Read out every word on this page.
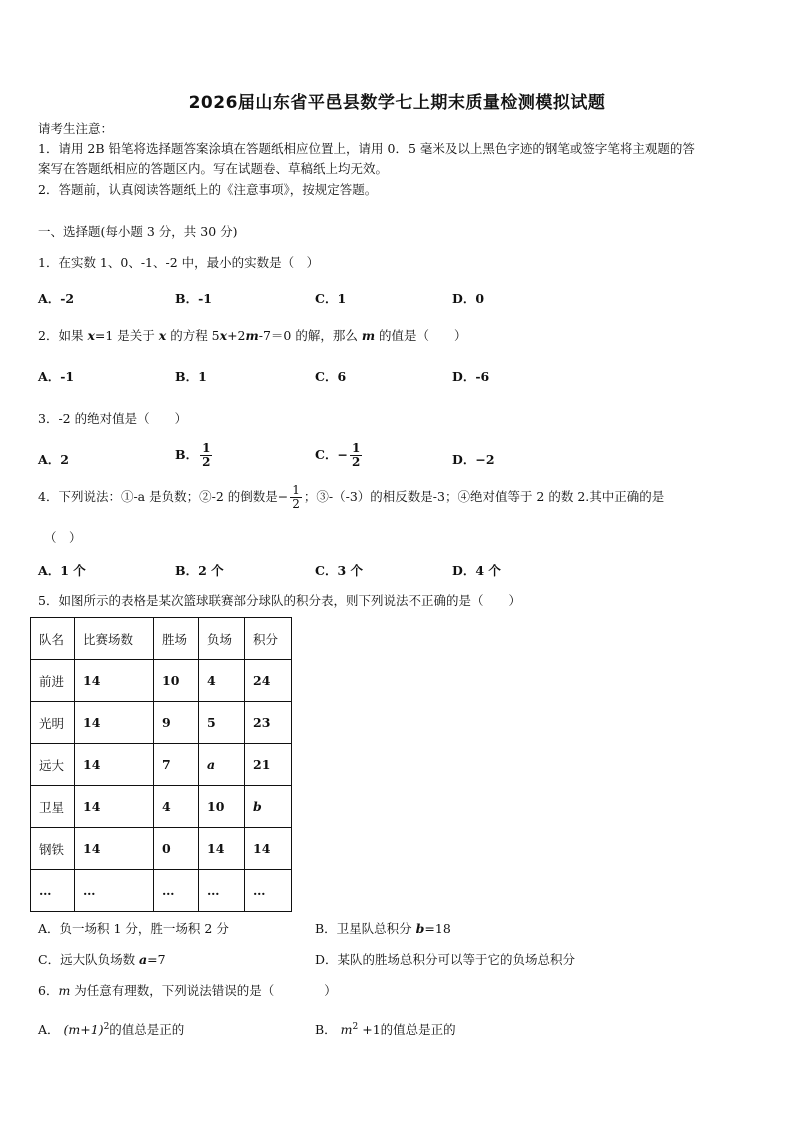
2026届山东省平邑县数学七上期末质量检测模拟试题
请考生注意：
1．请用 2B 铅笔将选择题答案涂填在答题纸相应位置上，请用 0．5 毫米及以上黑色字迹的钢笔或签字笔将主观题的答
案写在答题纸相应的答题区内。写在试题卷、草稿纸上均无效。
2．答题前，认真阅读答题纸上的《注意事项》，按规定答题。
一、选择题(每小题 3 分，共 30 分)
1．在实数 1、0、-1、-2 中，最小的实数是（　）
A．-2	B．-1	C．1	D．0
2．如果 x=1 是关于 x 的方程 5x+2m-7＝0 的解，那么 m 的值是（　　）
A．-1	B．1	C．6	D．-6
3．-2 的绝对值是（　　）
A．2	B． $\frac{1}{2}$	C．− $\frac{1}{2}$	D．−2
4．下列说法：①-a 是负数；②-2 的倒数是− $\frac{1}{2}$ ；③-（-3）的相反数是-3；④绝对值等于 2 的数 2.其中正确的是
（　）
A．1 个	B．2 个	C．3 个	D．4 个
5．如图所示的表格是某次篮球联赛部分球队的积分表，则下列说法不正确的是（　　）
队名	比赛场数	胜场	负场	积分
前进	14	10	4	24
光明	14	9	5	23
远大	14	7	a	21
卫星	14	4	10	b
钢铁	14	0	14	14
…	…	…	…	…
A．负一场积 1 分，胜一场积 2 分	B．卫星队总积分 b=18
C．远大队负场数 a=7	D．某队的胜场总积分可以等于它的负场总积分
6．m 为任意有理数，下列说法错误的是（　　　　）
A． $(m+1)^2$的值总是正的	B． $m^2 +1$的值总是正的
